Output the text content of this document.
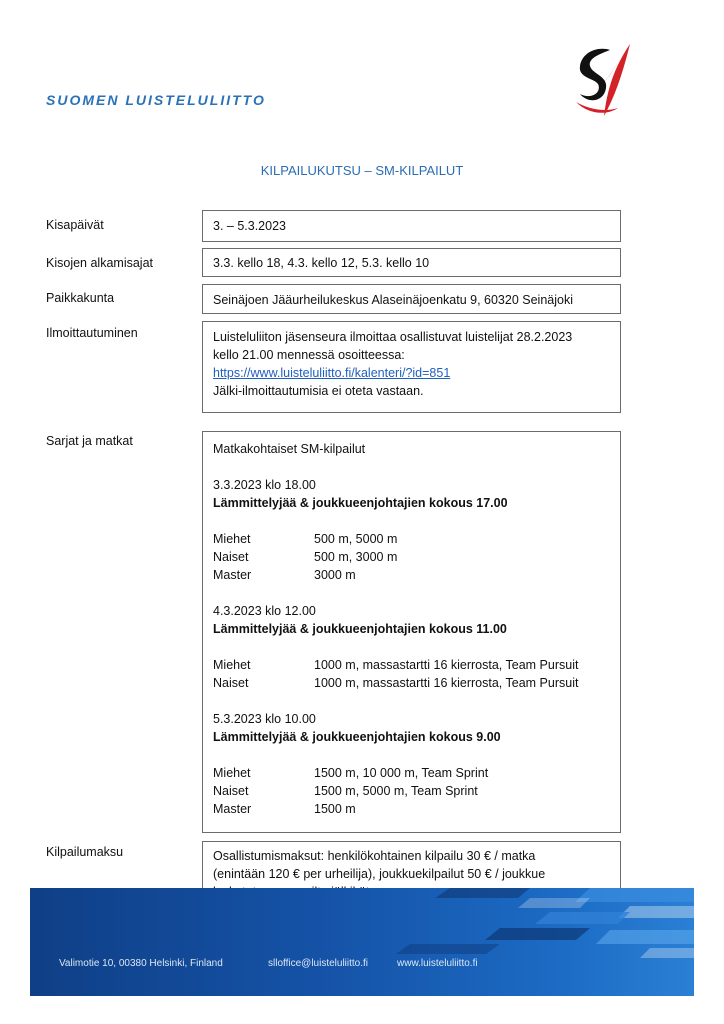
SUOMEN LUISTELULIITTO
KILPAILUKUTSU – SM-KILPAILUT
Kisapäivät	3. – 5.3.2023
Kisojen alkamisajat	3.3. kello 18, 4.3. kello 12, 5.3. kello 10
Paikkakunta	Seinäjoen Jääurheilukeskus Alaseinäjoenkatu 9, 60320 Seinäjoki
Ilmoittautuminen	Luisteluliiton jäsenseura ilmoittaa osallistuvat luistelijat 28.2.2023
kello 21.00 mennessä osoitteessa:
https://www.luisteluliitto.fi/kalenteri/?id=851
Jälki-ilmoittautumisia ei oteta vastaan.
Sarjat ja matkat
Matkakohtaiset SM-kilpailut
3.3.2023 klo 18.00
Lämmittelyjää & joukkueenjohtajien kokous 17.00
Miehet	500 m, 5000 m
Naiset	500 m, 3000 m
Master	3000 m
4.3.2023 klo 12.00
Lämmittelyjää & joukkueenjohtajien kokous 11.00
Miehet	1000 m, massastartti 16 kierrosta, Team Pursuit
Naiset	1000 m, massastartti 16 kierrosta, Team Pursuit
5.3.2023 klo 10.00
Lämmittelyjää & joukkueenjohtajien kokous 9.00
Miehet	1500 m, 10 000 m, Team Sprint
Naiset	1500 m, 5000 m, Team Sprint
Master	1500 m
Kilpailumaksu	Osallistumismaksut: henkilökohtainen kilpailu 30 € / matka
(enintään 120 € per urheilija), joukkuekilpailut 50 € / joukkue
Valimotie 10, 00380 Helsinki, Finland	slloffice@luisteluliitto.fi	www.luisteluliitto.fi
